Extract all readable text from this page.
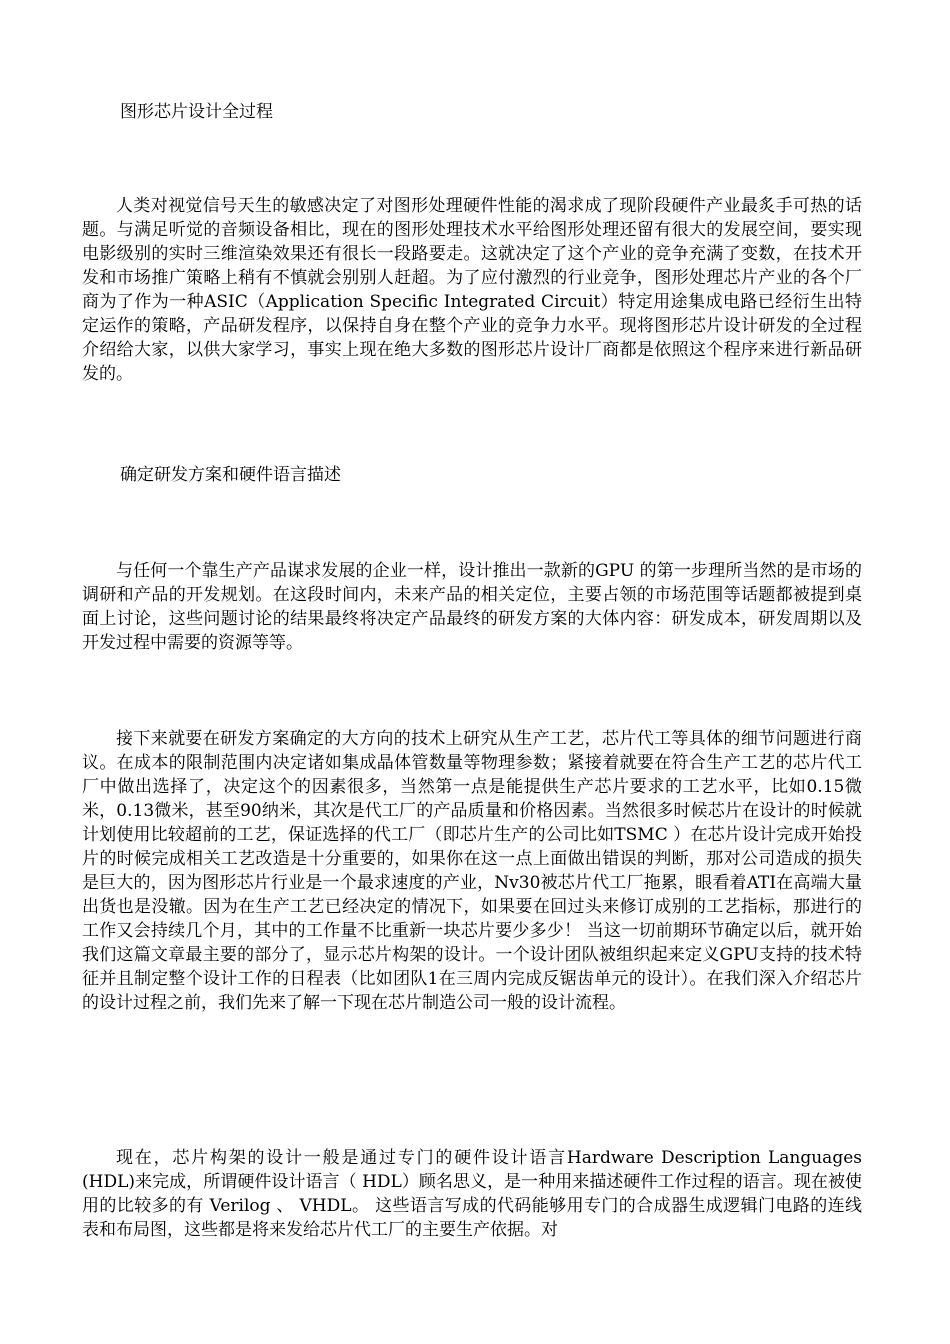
图形芯片设计全过程

人类对视觉信号天生的敏感决定了对图形处理硬件性能的渴求成了现阶段硬件产业最炙手可热的话题。与满足听觉的音频设备相比，现在的图形处理技术水平给图形处理还留有很大的发展空间，要实现电影级别的实时三维渲染效果还有很长一段路要走。这就决定了这个产业的竞争充满了变数，在技术开发和市场推广策略上稍有不慎就会别别人赶超。为了应付激烈的行业竞争，图形处理芯片产业的各个厂商为了作为一种ASIC（Application Specific Integrated Circuit）特定用途集成电路已经衍生出特定运作的策略，产品研发程序，以保持自身在整个产业的竞争力水平。现将图形芯片设计研发的全过程介绍给大家，以供大家学习，事实上现在绝大多数的图形芯片设计厂商都是依照这个程序来进行新品研发的。

确定研发方案和硬件语言描述

与任何一个靠生产产品谋求发展的企业一样，设计推出一款新的GPU 的第一步理所当然的是市场的调研和产品的开发规划。在这段时间内，未来产品的相关定位，主要占领的市场范围等话题都被提到桌面上讨论，这些问题讨论的结果最终将决定产品最终的研发方案的大体内容：研发成本，研发周期以及开发过程中需要的资源等等。

接下来就要在研发方案确定的大方向的技术上研究从生产工艺，芯片代工等具体的细节问题进行商议。在成本的限制范围内决定诸如集成晶体管数量等物理参数；紧接着就要在符合生产工艺的芯片代工厂中做出选择了，决定这个的因素很多，当然第一点是能提供生产芯片要求的工艺水平，比如0.15微米，0.13微米，甚至90纳米，其次是代工厂的产品质量和价格因素。当然很多时候芯片在设计的时候就计划使用比较超前的工艺，保证选择的代工厂（即芯片生产的公司比如TSMC ）在芯片设计完成开始投片的时候完成相关工艺改造是十分重要的，如果你在这一点上面做出错误的判断，那对公司造成的损失是巨大的，因为图形芯片行业是一个最求速度的产业，Nv30被芯片代工厂拖累，眼看着ATI在高端大量出货也是没辙。因为在生产工艺已经决定的情况下，如果要在回过头来修订成别的工艺指标，那进行的工作又会持续几个月，其中的工作量不比重新一块芯片要少多少！ 当这一切前期环节确定以后，就开始我们这篇文章最主要的部分了，显示芯片构架的设计。一个设计团队被组织起来定义GPU支持的技术特征并且制定整个设计工作的日程表（比如团队1在三周内完成反锯齿单元的设计）。在我们深入介绍芯片的设计过程之前，我们先来了解一下现在芯片制造公司一般的设计流程。

现在，芯片构架的设计一般是通过专门的硬件设计语言Hardware Description Languages (HDL)来完成，所谓硬件设计语言（ HDL）顾名思义，是一种用来描述硬件工作过程的语言。现在被使用的比较多的有 Verilog 、 VHDL。 这些语言写成的代码能够用专门的合成器生成逻辑门电路的连线表和布局图，这些都是将来发给芯片代工厂的主要生产依据。对
